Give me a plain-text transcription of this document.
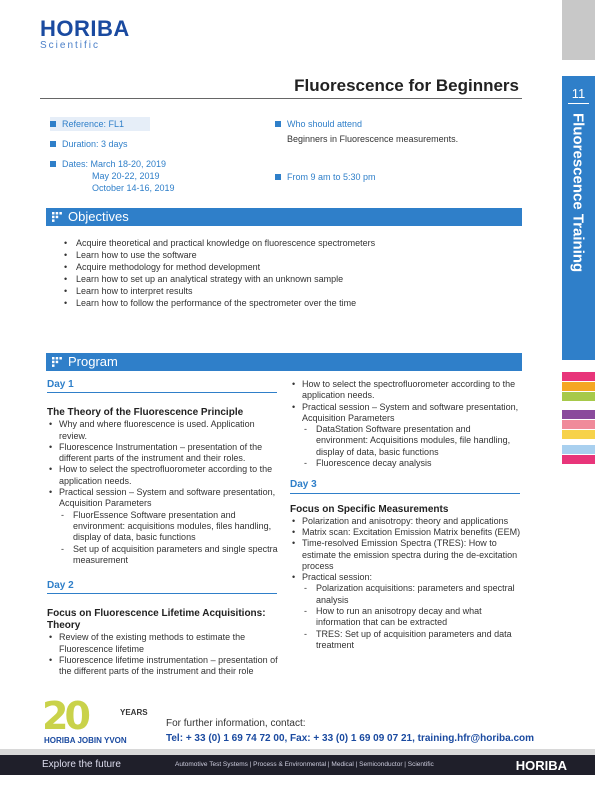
HORIBA
Scientific
11
Fluorescence Training
Fluorescence for Beginners
Reference: FL1
Duration: 3 days
Dates: March 18-20, 2019
May 20-22, 2019
October 14-16, 2019
Who should attend
Beginners in Fluorescence measurements.
From 9 am to 5:30 pm
Objectives
• Acquire theoretical and practical knowledge on fluorescence spectrometers
• Learn how to use the software
• Acquire methodology for method development
• Learn how to set up an analytical strategy with an unknown sample
• Learn how to interpret results
• Learn how to follow the performance of the spectrometer over the time
Program
Day 1
The Theory of the Fluorescence Principle
• Why and where fluorescence is used. Application review.
• Fluorescence Instrumentation – presentation of the different parts of the instrument and their roles.
• How to select the spectrofluorometer according to the application needs.
• Practical session – System and software presentation, Acquisition Parameters
- FluorEssence Software presentation and environment: acquisitions modules, files handling, display of data, basic functions
- Set up of acquisition parameters and single spectra measurement
Day 2
Focus on Fluorescence Lifetime Acquisitions: Theory
• Review of the existing methods to estimate the Fluorescence lifetime
• Fluorescence lifetime instrumentation – presentation of the different parts of the instrument and their role
• How to select the spectrofluorometer according to the application needs.
• Practical session – System and software presentation, Acquisition Parameters
- DataStation Software presentation and environment: Acquisitions modules, file handling, display of data, basic functions
- Fluorescence decay analysis
Day 3
Focus on Specific Measurements
• Polarization and anisotropy: theory and applications
• Matrix scan: Excitation Emission Matrix benefits (EEM)
• Time-resolved Emission Spectra (TRES): How to estimate the emission spectra during the de-excitation process
• Practical session:
- Polarization acquisitions: parameters and spectral analysis
- How to run an anisotropy decay and what information that can be extracted
- TRES: Set up of acquisition parameters and data treatment
20	YEARS
HORIBA JOBIN YVON
For further information, contact:
Tel: + 33 (0) 1 69 74 72 00, Fax: + 33 (0) 1 69 09 07 21, training.hfr@horiba.com
Explore the future	Automotive Test Systems | Process & Environmental | Medical | Semiconductor | Scientific	HORIBA
